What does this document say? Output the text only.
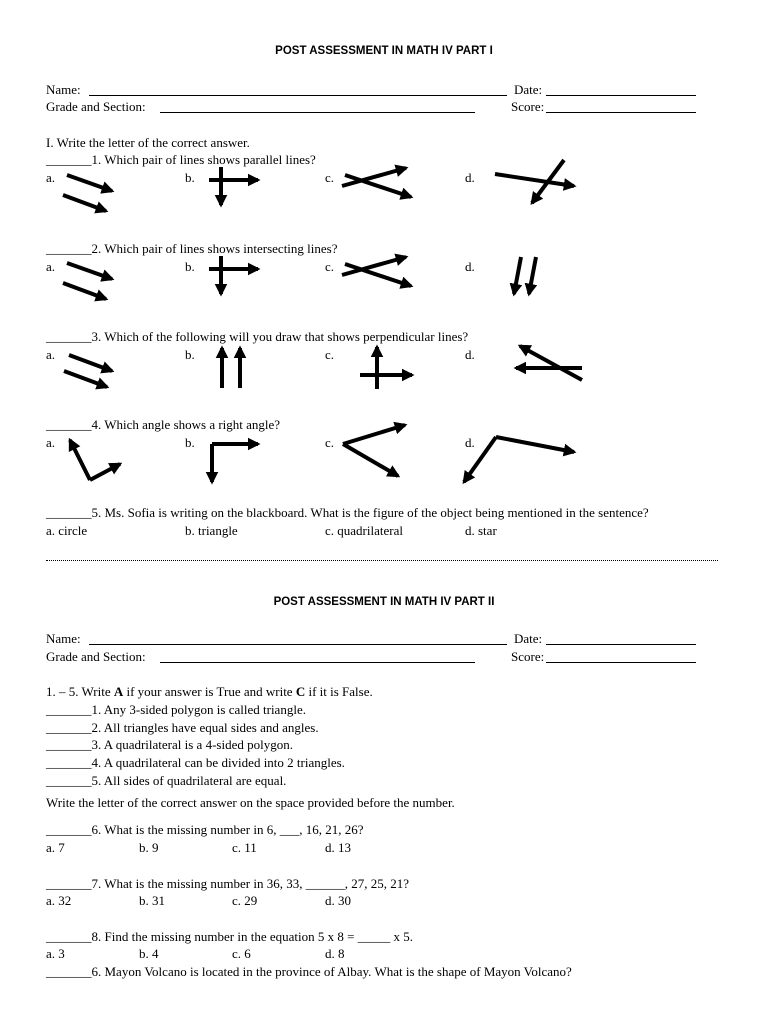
POST ASSESSMENT IN MATH IV PART I
Name:	Date:
Grade and Section:	Score:
I. Write the letter of the correct answer.
_______1. Which pair of lines shows parallel lines?
a.	b.	c.	d.
_______2. Which pair of lines shows intersecting lines?
a.	b.	c.	d.
_______3. Which of the following will you draw that shows perpendicular lines?
a.	b.	c.	d.
_______4. Which angle shows a right angle?
a.	b.	c.	d.
_______5. Ms. Sofia is writing on the blackboard. What is the figure of the object being mentioned in the sentence?
a. circle	b. triangle	c. quadrilateral	d. star
POST ASSESSMENT IN MATH IV PART II
Name:	Date:
Grade and Section:	Score:
1. – 5. Write A if your answer is True and write C if it is False.
_______1. Any 3-sided polygon is called triangle.
_______2. All triangles have equal sides and angles.
_______3. A quadrilateral is a 4-sided polygon.
_______4. A quadrilateral can be divided into 2 triangles.
_______5. All sides of quadrilateral are equal.
Write the letter of the correct answer on the space provided before the number.
_______6. What is the missing number in 6, ___, 16, 21, 26?
a. 7	b. 9	c. 11	d. 13
_______7. What is the missing number in 36, 33, ______, 27, 25, 21?
a. 32	b. 31	c. 29	d. 30
_______8. Find the missing number in the equation 5 x 8 = _____ x 5.
a. 3	b. 4	c. 6	d. 8
_______6. Mayon Volcano is located in the province of Albay. What is the shape of Mayon Volcano?
